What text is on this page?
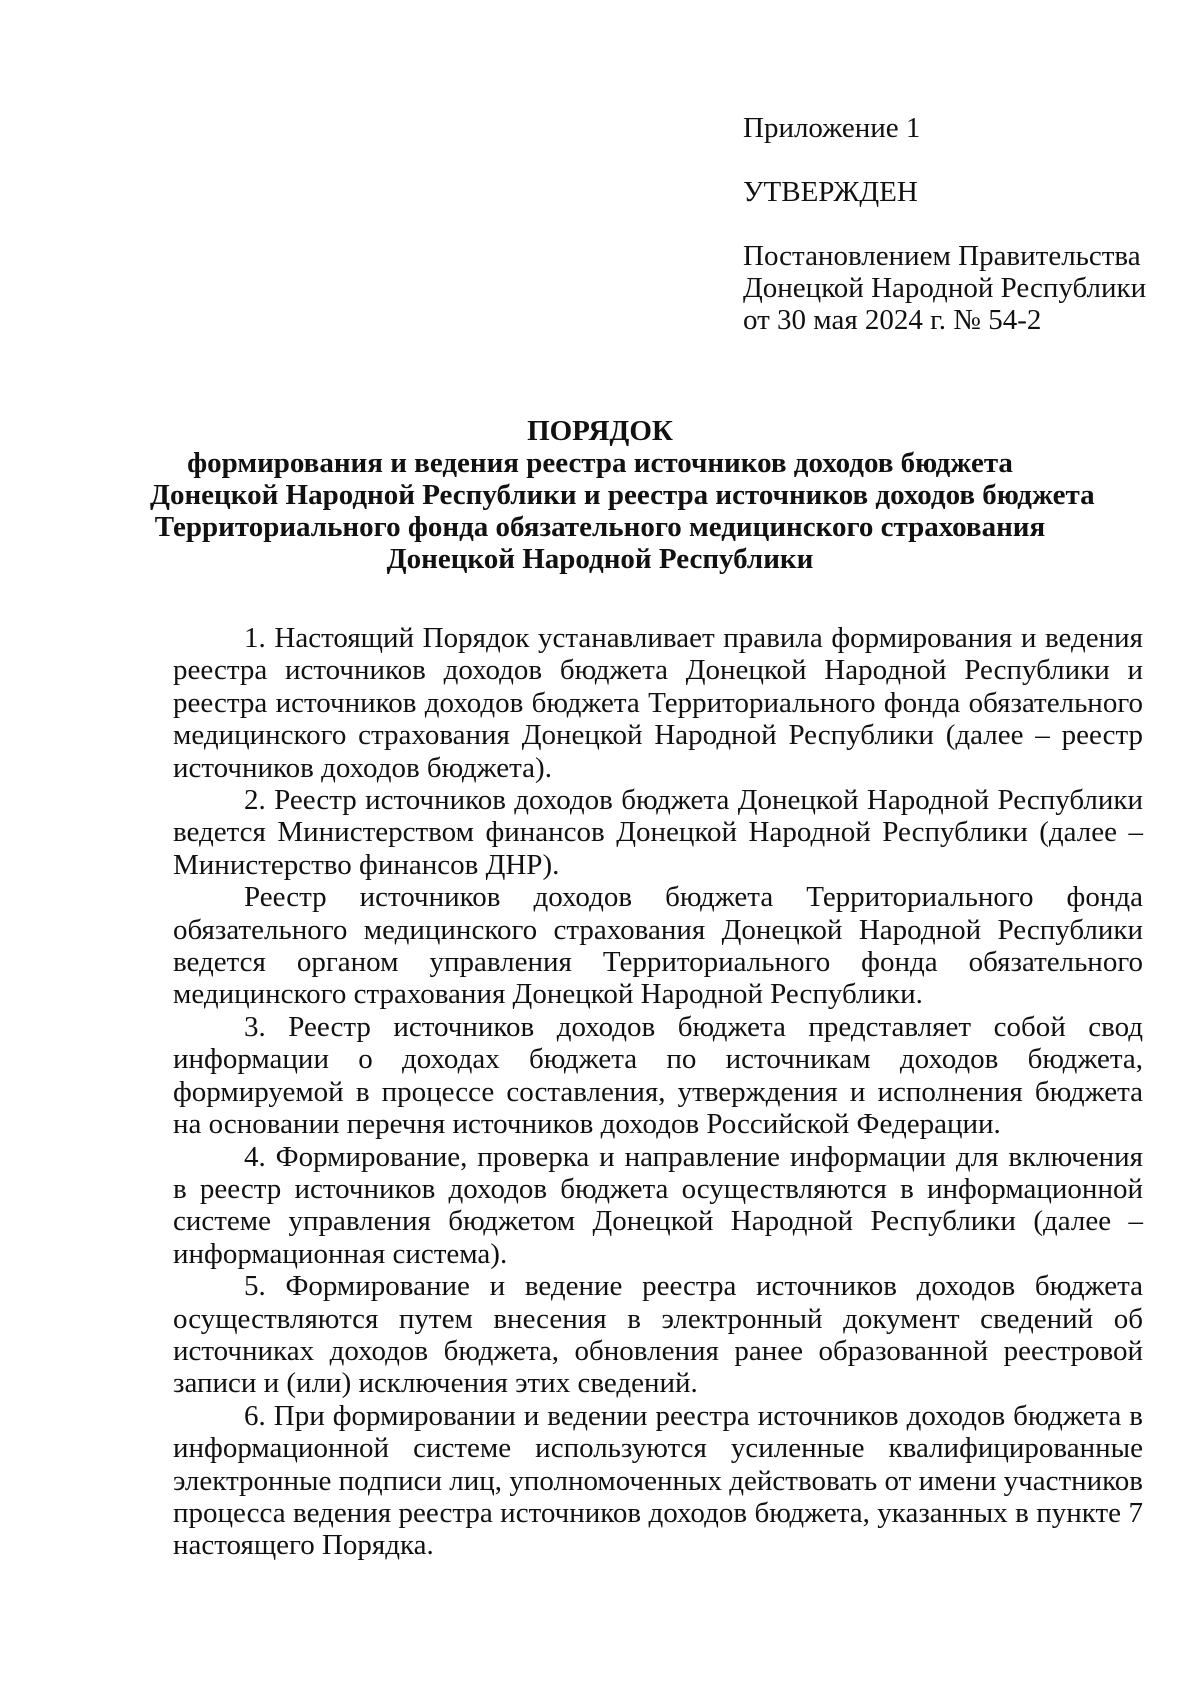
Приложение 1
УТВЕРЖДЕН
Постановлением Правительства
Донецкой Народной Республики
от 30 мая 2024 г. № 54-2
ПОРЯДОК
формирования и ведения реестра источников доходов бюджета
Донецкой Народной Республики и реестра источников доходов бюджета
Территориального фонда обязательного медицинского страхования
Донецкой Народной Республики

1. Настоящий Порядок устанавливает правила формирования и ведения реестра источников доходов бюджета Донецкой Народной Республики и реестра источников доходов бюджета Территориального фонда обязательного медицинского страхования Донецкой Народной Республики (далее – реестр источников доходов бюджета).

2. Реестр источников доходов бюджета Донецкой Народной Республики ведется Министерством финансов Донецкой Народной Республики (далее – Министерство финансов ДНР).

Реестр источников доходов бюджета Территориального фонда обязательного медицинского страхования Донецкой Народной Республики ведется органом управления Территориального фонда обязательного медицинского страхования Донецкой Народной Республики.

3. Реестр источников доходов бюджета представляет собой свод информации о доходах бюджета по источникам доходов бюджета, формируемой в процессе составления, утверждения и исполнения бюджета на основании перечня источников доходов Российской Федерации.

4. Формирование, проверка и направление информации для включения в реестр источников доходов бюджета осуществляются в информационной системе управления бюджетом Донецкой Народной Республики (далее – информационная система).

5. Формирование и ведение реестра источников доходов бюджета осуществляются путем внесения в электронный документ сведений об источниках доходов бюджета, обновления ранее образованной реестровой записи и (или) исключения этих сведений.

6. При формировании и ведении реестра источников доходов бюджета в информационной системе используются усиленные квалифицированные электронные подписи лиц, уполномоченных действовать от имени участников процесса ведения реестра источников доходов бюджета, указанных в пункте 7 настоящего Порядка.
